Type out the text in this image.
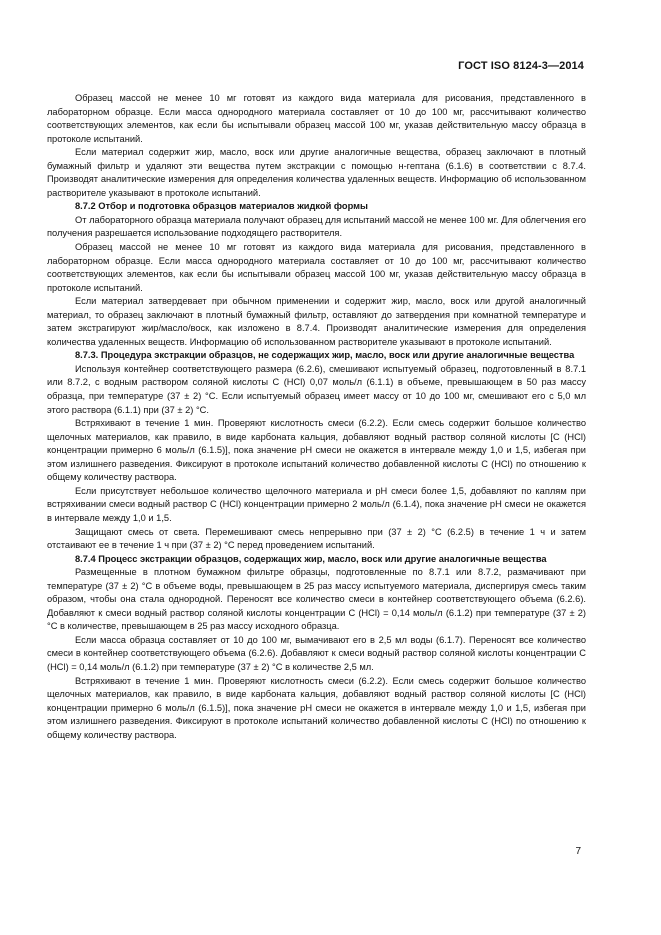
ГОСТ ISO 8124-3—2014

Образец массой не менее 10 мг готовят из каждого вида материала для рисования, представленного в лабораторном образце. Если масса однородного материала составляет от 10 до 100 мг, рассчитывают количество соответствующих элементов, как если бы испытывали образец массой 100 мг, указав действительную массу образца в протоколе испытаний.

Если материал содержит жир, масло, воск или другие аналогичные вещества, образец заключают в плотный бумажный фильтр и удаляют эти вещества путем экстракции с помощью н-гептана (6.1.6) в соответствии с 8.7.4. Производят аналитические измерения для определения количества удаленных веществ. Информацию об использованном растворителе указывают в протоколе испытаний.

8.7.2 Отбор и подготовка образцов материалов жидкой формы

От лабораторного образца материала получают образец для испытаний массой не менее 100 мг. Для облегчения его получения разрешается использование подходящего растворителя.

Образец массой не менее 10 мг готовят из каждого вида материала для рисования, представленного в лабораторном образце. Если масса однородного материала составляет от 10 до 100 мг, рассчитывают количество соответствующих элементов, как если бы испытывали образец массой 100 мг, указав действительную массу образца в протоколе испытаний.

Если материал затвердевает при обычном применении и содержит жир, масло, воск или другой аналогичный материал, то образец заключают в плотный бумажный фильтр, оставляют до затвердения при комнатной температуре и затем экстрагируют жир/масло/воск, как изложено в 8.7.4. Производят аналитические измерения для определения количества удаленных веществ. Информацию об использованном растворителе указывают в протоколе испытаний.

8.7.3. Процедура экстракции образцов, не содержащих жир, масло, воск или другие аналогичные вещества

Используя контейнер соответствующего размера (6.2.6), смешивают испытуемый образец, подготовленный в 8.7.1 или 8.7.2, с водным раствором соляной кислоты C (HCl) 0,07 моль/л (6.1.1) в объеме, превышающем в 50 раз массу образца, при температуре (37 ± 2) °C. Если испытуемый образец имеет массу от 10 до 100 мг, смешивают его с 5,0 мл этого раствора (6.1.1) при (37 ± 2) °C.

Встряхивают в течение 1 мин. Проверяют кислотность смеси (6.2.2). Если смесь содержит большое количество щелочных материалов, как правило, в виде карбоната кальция, добавляют водный раствор соляной кислоты [C (HCl) концентрации примерно 6 моль/л (6.1.5)], пока значение pH смеси не окажется в интервале между 1,0 и 1,5, избегая при этом излишнего разведения. Фиксируют в протоколе испытаний количество добавленной кислоты C (HCl) по отношению к общему количеству раствора.

Если присутствует небольшое количество щелочного материала и pH смеси более 1,5, добавляют по каплям при встряхивании смеси водный раствор C (HCl) концентрации примерно 2 моль/л (6.1.4), пока значение pH смеси не окажется в интервале между 1,0 и 1,5.

Защищают смесь от света. Перемешивают смесь непрерывно при (37 ± 2) °C (6.2.5) в течение 1 ч и затем отстаивают ее в течение 1 ч при (37 ± 2) °C перед проведением испытаний.

8.7.4 Процесс экстракции образцов, содержащих жир, масло, воск или другие аналогичные вещества

Размещенные в плотном бумажном фильтре образцы, подготовленные по 8.7.1 или 8.7.2, размачивают при температуре (37 ± 2) °C в объеме воды, превышающем в 25 раз массу испытуемого материала, диспергируя смесь таким образом, чтобы она стала однородной. Переносят все количество смеси в контейнер соответствующего объема (6.2.6). Добавляют к смеси водный раствор соляной кислоты концентрации C (HCl) = 0,14 моль/л (6.1.2) при температуре (37 ± 2) °C в количестве, превышающем в 25 раз массу исходного образца.

Если масса образца составляет от 10 до 100 мг, вымачивают его в 2,5 мл воды (6.1.7). Переносят все количество смеси в контейнер соответствующего объема (6.2.6). Добавляют к смеси водный раствор соляной кислоты концентрации C (HCl) = 0,14 моль/л (6.1.2) при температуре (37 ± 2) °C в количестве 2,5 мл.

Встряхивают в течение 1 мин. Проверяют кислотность смеси (6.2.2). Если смесь содержит большое количество щелочных материалов, как правило, в виде карбоната кальция, добавляют водный раствор соляной кислоты [C (HCl) концентрации примерно 6 моль/л (6.1.5)], пока значение pH смеси не окажется в интервале между 1,0 и 1,5, избегая при этом излишнего разведения. Фиксируют в протоколе испытаний количество добавленной кислоты C (HCl) по отношению к общему количеству раствора.

7
